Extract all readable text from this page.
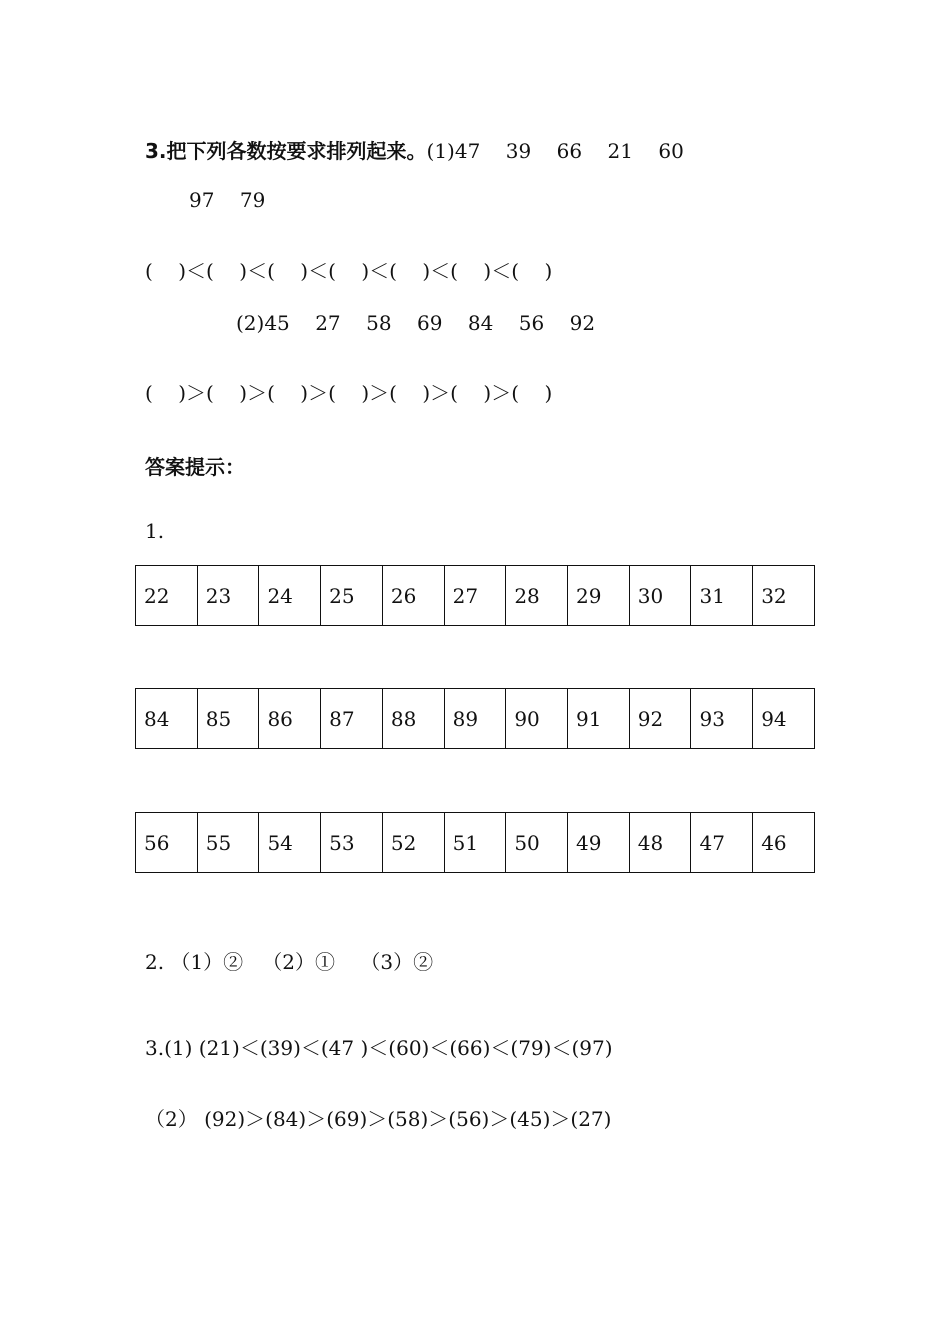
3.把下列各数按要求排列起来。(1)47    39    66    21    60
97    79
(    )＜(    )＜(    )＜(    )＜(    )＜(    )＜(    )
(2)45    27    58    69    84    56    92
(    )＞(    )＞(    )＞(    )＞(    )＞(    )＞(    )
答案提示：
1.
22	23	24	25	26	27	28	29	30	31	32
84	85	86	87	88	89	90	91	92	93	94
56	55	54	53	52	51	50	49	48	47	46
2. （1）②   （2）①    （3）②
3.(1) (21)＜(39)＜(47 )＜(60)＜(66)＜(79)＜(97)
（2） (92)＞(84)＞(69)＞(58)＞(56)＞(45)＞(27)
